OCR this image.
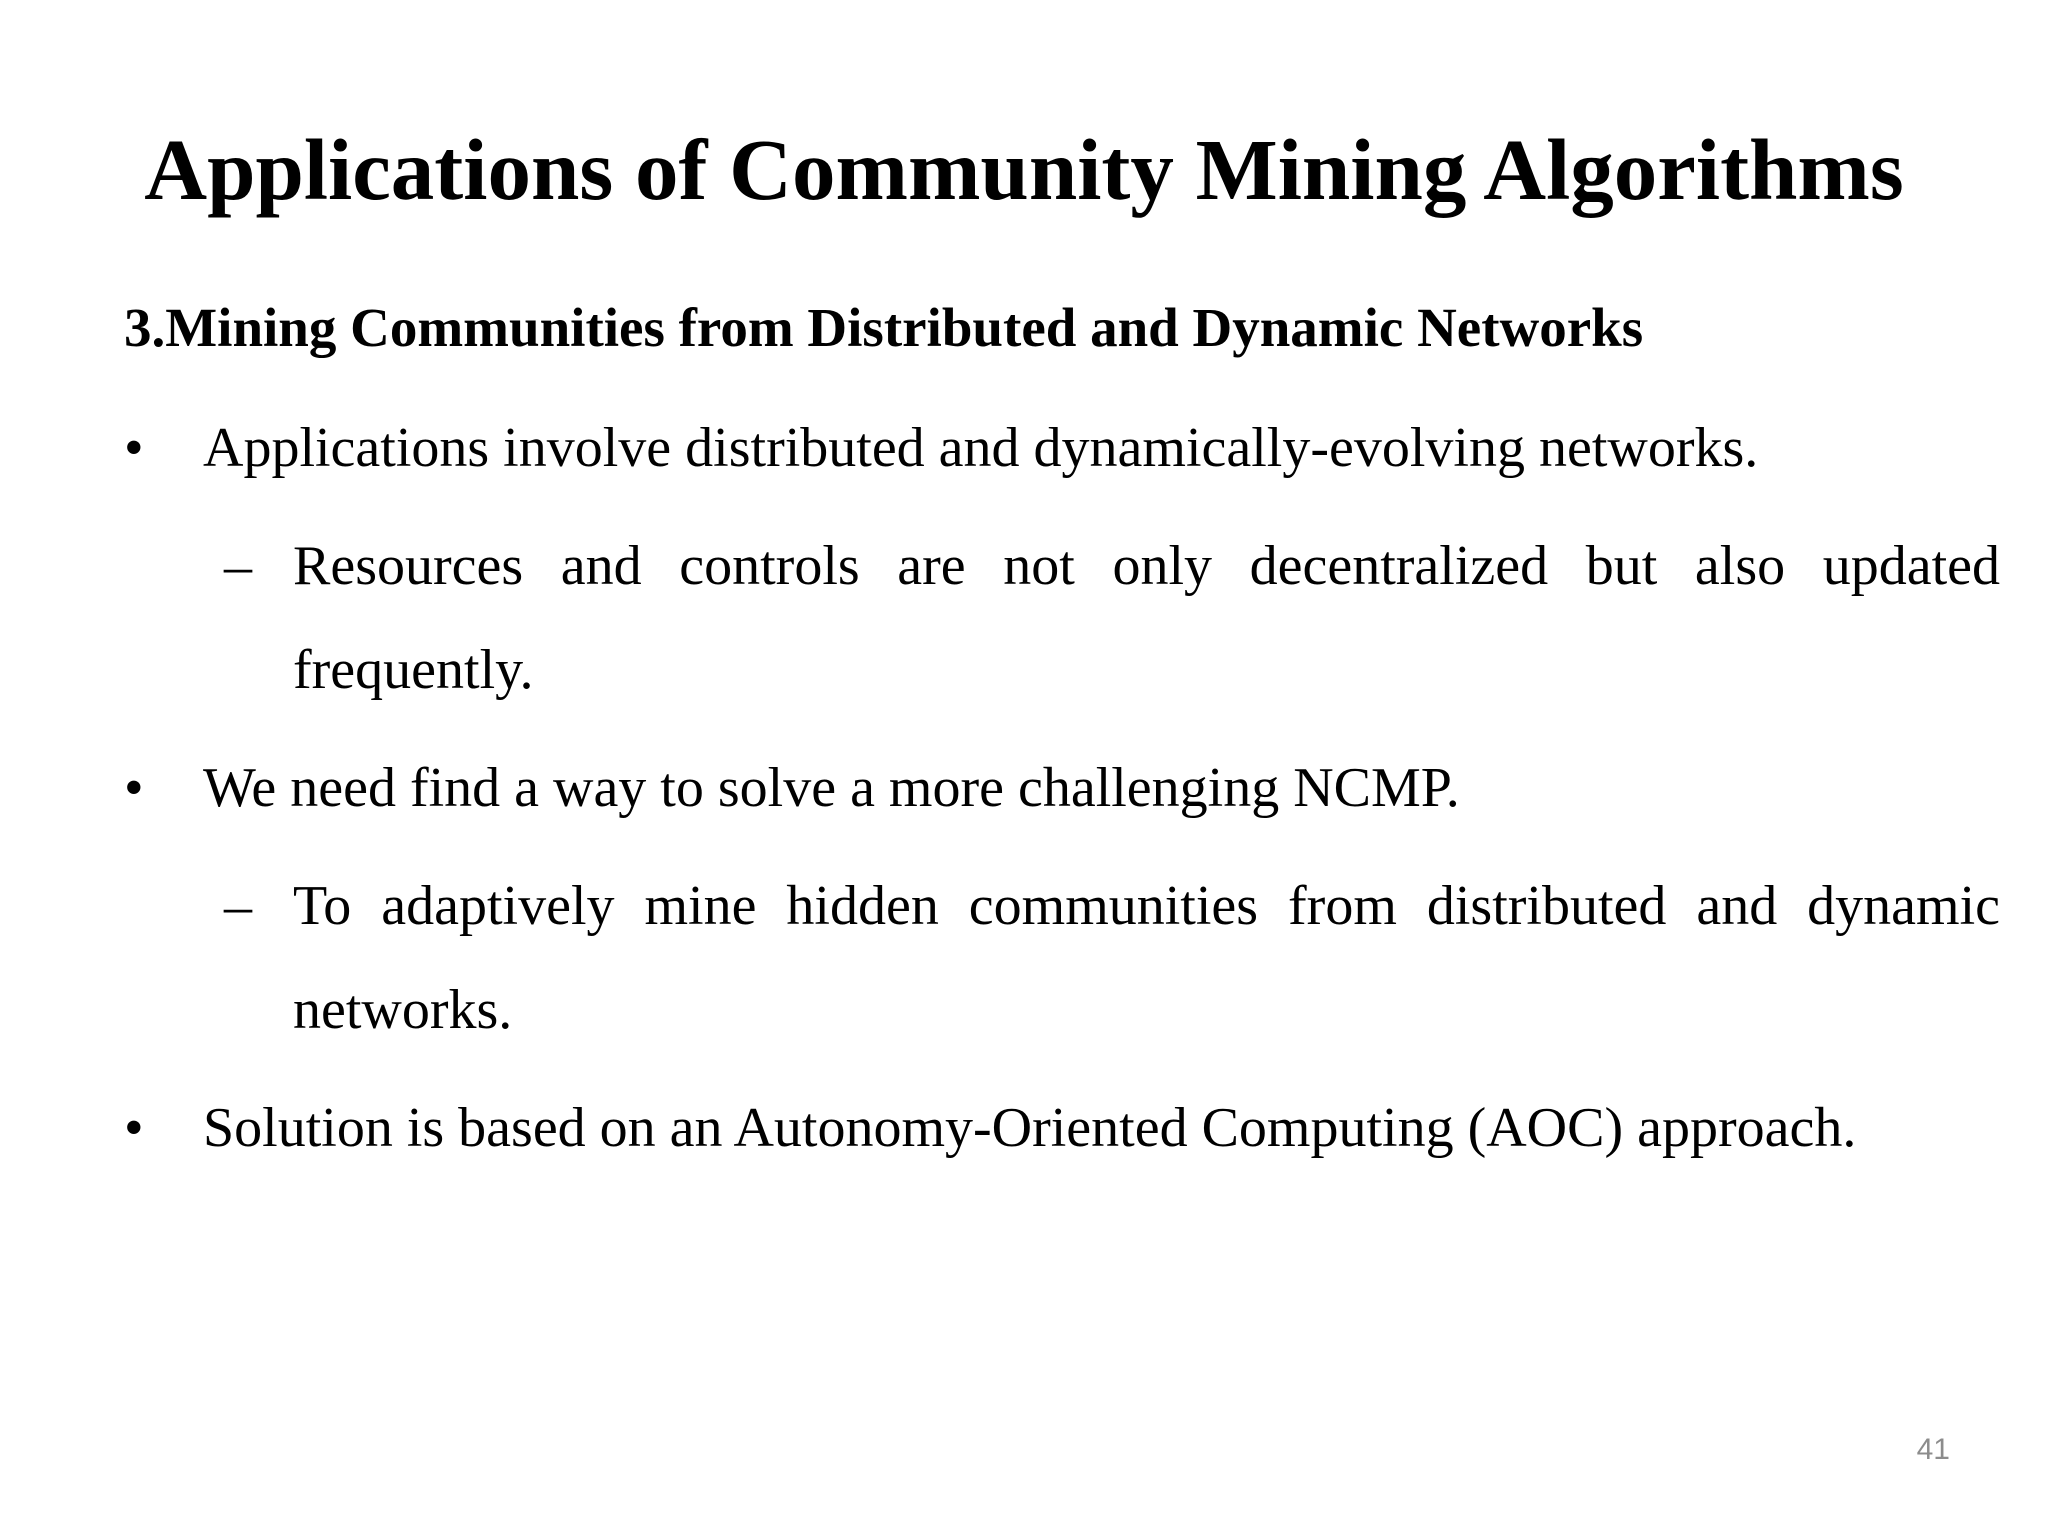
Applications of Community Mining Algorithms
3.Mining Communities from Distributed and Dynamic Networks
•	Applications involve distributed and dynamically-evolving networks.
– Resources and controls are not only decentralized but also updated frequently.
•	We need find a way to solve a more challenging NCMP.
– To adaptively mine hidden communities from distributed and dynamic networks.
•	Solution is based on an Autonomy-Oriented Computing (AOC) approach.
41
